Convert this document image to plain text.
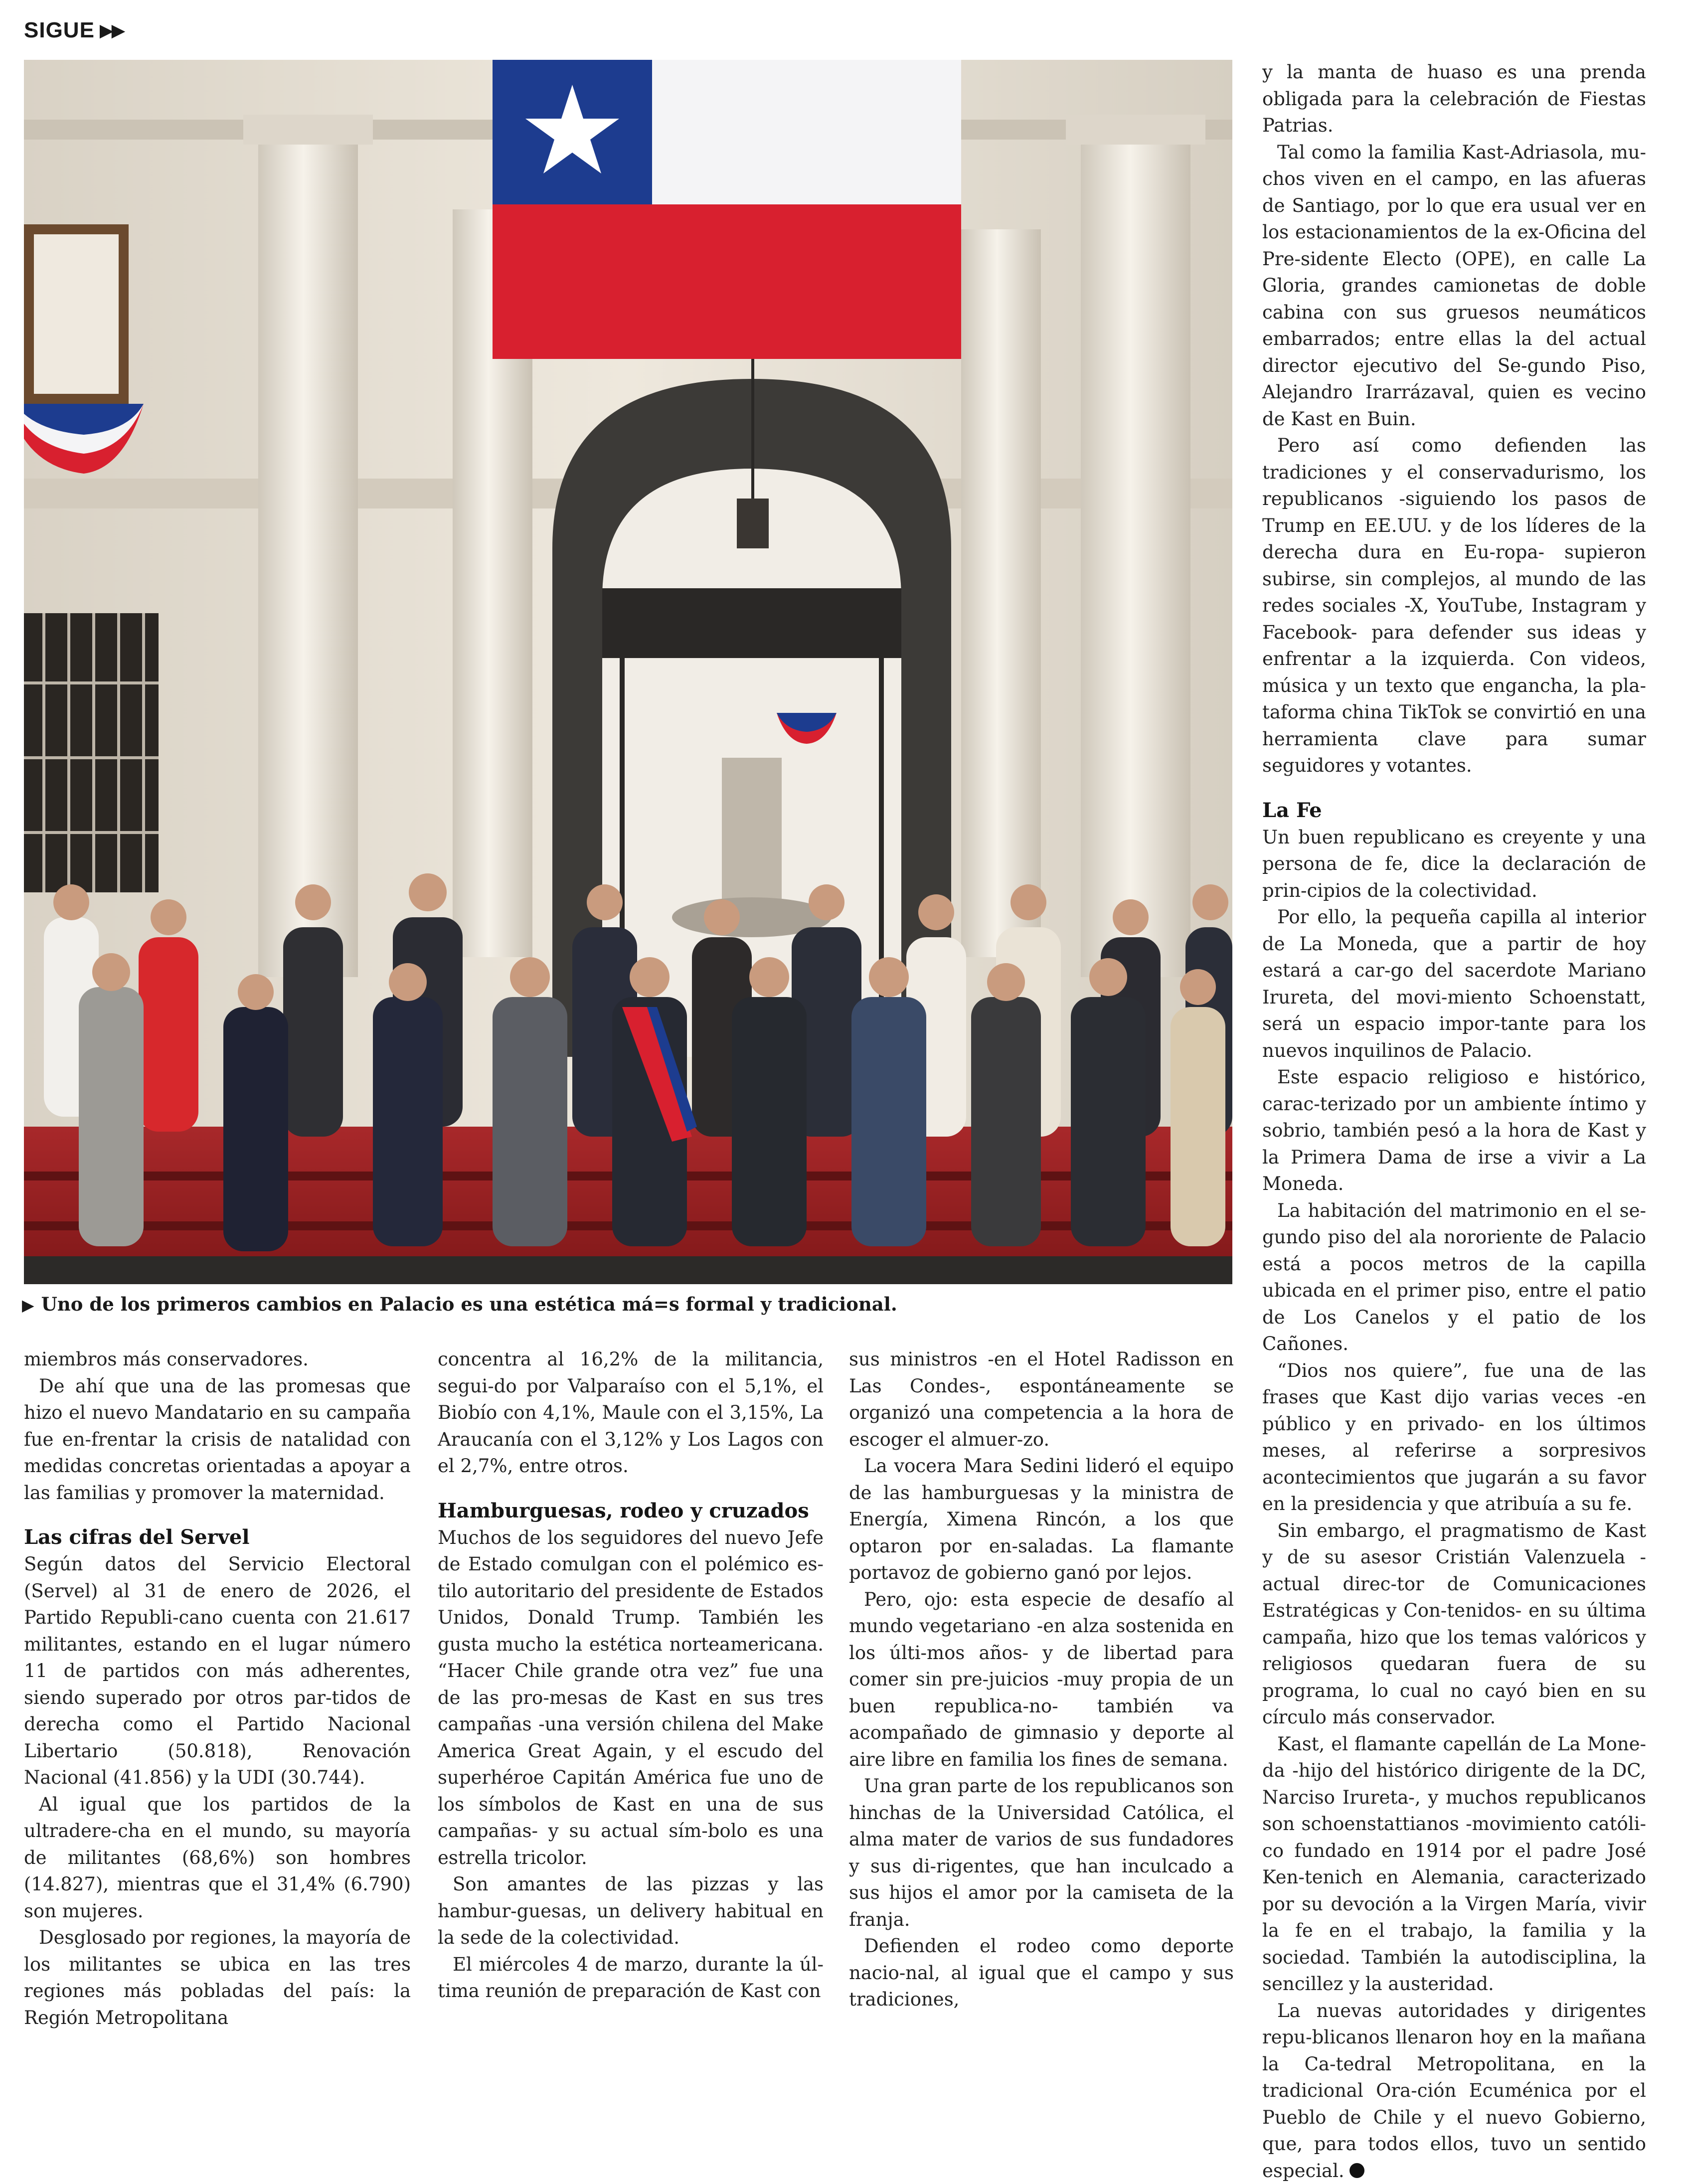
SIGUE ▶▶
▶ Uno de los primeros cambios en Palacio es una estética má=s formal y tradicional.

miembros más conservadores.

De ahí que una de las promesas que hizo el nuevo Mandatario en su campaña fue en-frentar la crisis de natalidad con medidas concretas orientadas a apoyar a las familias y promover la maternidad.

Las cifras del Servel

Según datos del Servicio Electoral (Servel) al 31 de enero de 2026, el Partido Republi-cano cuenta con 21.617 militantes, estando en el lugar número 11 de partidos con más adherentes, siendo superado por otros par-tidos de derecha como el Partido Nacional Libertario (50.818), Renovación Nacional (41.856) y la UDI (30.744).

Al igual que los partidos de la ultradere-cha en el mundo, su mayoría de militantes (68,6%) son hombres (14.827), mientras que el 31,4% (6.790) son mujeres.

Desglosado por regiones, la mayoría de los militantes se ubica en las tres regiones más pobladas del país: la Región Metropolitana

concentra al 16,2% de la militancia, segui-do por Valparaíso con el 5,1%, el Biobío con 4,1%, Maule con el 3,15%, La Araucanía con el 3,12% y Los Lagos con el 2,7%, entre otros.

Hamburguesas, rodeo y cruzados

Muchos de los seguidores del nuevo Jefe de Estado comulgan con el polémico es-tilo autoritario del presidente de Estados Unidos, Donald Trump. También les gusta mucho la estética norteamericana. “Hacer Chile grande otra vez” fue una de las pro-mesas de Kast en sus tres campañas -una versión chilena del Make America Great Again, y el escudo del superhéroe Capitán América fue uno de los símbolos de Kast en una de sus campañas- y su actual sím-bolo es una estrella tricolor.

Son amantes de las pizzas y las hambur-guesas, un delivery habitual en la sede de la colectividad.

El miércoles 4 de marzo, durante la úl-tima reunión de preparación de Kast con

sus ministros -en el Hotel Radisson en Las Condes-, espontáneamente se organizó una competencia a la hora de escoger el almuer-zo.

La vocera Mara Sedini lideró el equipo de las hamburguesas y la ministra de Energía, Ximena Rincón, a los que optaron por en-saladas. La flamante portavoz de gobierno ganó por lejos.

Pero, ojo: esta especie de desafío al mundo vegetariano -en alza sostenida en los últi-mos años- y de libertad para comer sin pre-juicios -muy propia de un buen republica-no- también va acompañado de gimnasio y deporte al aire libre en familia los fines de semana.

Una gran parte de los republicanos son hinchas de la Universidad Católica, el alma mater de varios de sus fundadores y sus di-rigentes, que han inculcado a sus hijos el amor por la camiseta de la franja.

Defienden el rodeo como deporte nacio-nal, al igual que el campo y sus tradiciones,

y la manta de huaso es una prenda obligada para la celebración de Fiestas Patrias.

Tal como la familia Kast-Adriasola, mu-chos viven en el campo, en las afueras de Santiago, por lo que era usual ver en los estacionamientos de la ex-Oficina del Pre-sidente Electo (OPE), en calle La Gloria, grandes camionetas de doble cabina con sus gruesos neumáticos embarrados; entre ellas la del actual director ejecutivo del Se-gundo Piso, Alejandro Irarrázaval, quien es vecino de Kast en Buin.

Pero así como defienden las tradiciones y el conservadurismo, los republicanos -siguiendo los pasos de Trump en EE.UU. y de los líderes de la derecha dura en Eu-ropa- supieron subirse, sin complejos, al mundo de las redes sociales -X, YouTube, Instagram y Facebook- para defender sus ideas y enfrentar a la izquierda. Con videos, música y un texto que engancha, la pla-taforma china TikTok se convirtió en una herramienta clave para sumar seguidores y votantes.

La Fe

Un buen republicano es creyente y una persona de fe, dice la declaración de prin-cipios de la colectividad.

Por ello, la pequeña capilla al interior de La Moneda, que a partir de hoy estará a car-go del sacerdote Mariano Irureta, del movi-miento Schoenstatt, será un espacio impor-tante para los nuevos inquilinos de Palacio.

Este espacio religioso e histórico, carac-terizado por un ambiente íntimo y sobrio, también pesó a la hora de Kast y la Primera Dama de irse a vivir a La Moneda.

La habitación del matrimonio en el se-gundo piso del ala nororiente de Palacio está a pocos metros de la capilla ubicada en el primer piso, entre el patio de Los Canelos y el patio de los Cañones.

“Dios nos quiere”, fue una de las frases que Kast dijo varias veces -en público y en privado- en los últimos meses, al referirse a sorpresivos acontecimientos que jugarán a su favor en la presidencia y que atribuía a su fe.

Sin embargo, el pragmatismo de Kast y de su asesor Cristián Valenzuela -actual direc-tor de Comunicaciones Estratégicas y Con-tenidos- en su última campaña, hizo que los temas valóricos y religiosos quedaran fuera de su programa, lo cual no cayó bien en su círculo más conservador.

Kast, el flamante capellán de La Mone-da -hijo del histórico dirigente de la DC, Narciso Irureta-, y muchos republicanos son schoenstattianos -movimiento católi-co fundado en 1914 por el padre José Ken-tenich en Alemania, caracterizado por su devoción a la Virgen María, vivir la fe en el trabajo, la familia y la sociedad. También la autodisciplina, la sencillez y la austeridad.

La nuevas autoridades y dirigentes repu-blicanos llenaron hoy en la mañana la Ca-tedral Metropolitana, en la tradicional Ora-ción Ecuménica por el Pueblo de Chile y el nuevo Gobierno, que, para todos ellos, tuvo un sentido especial.
